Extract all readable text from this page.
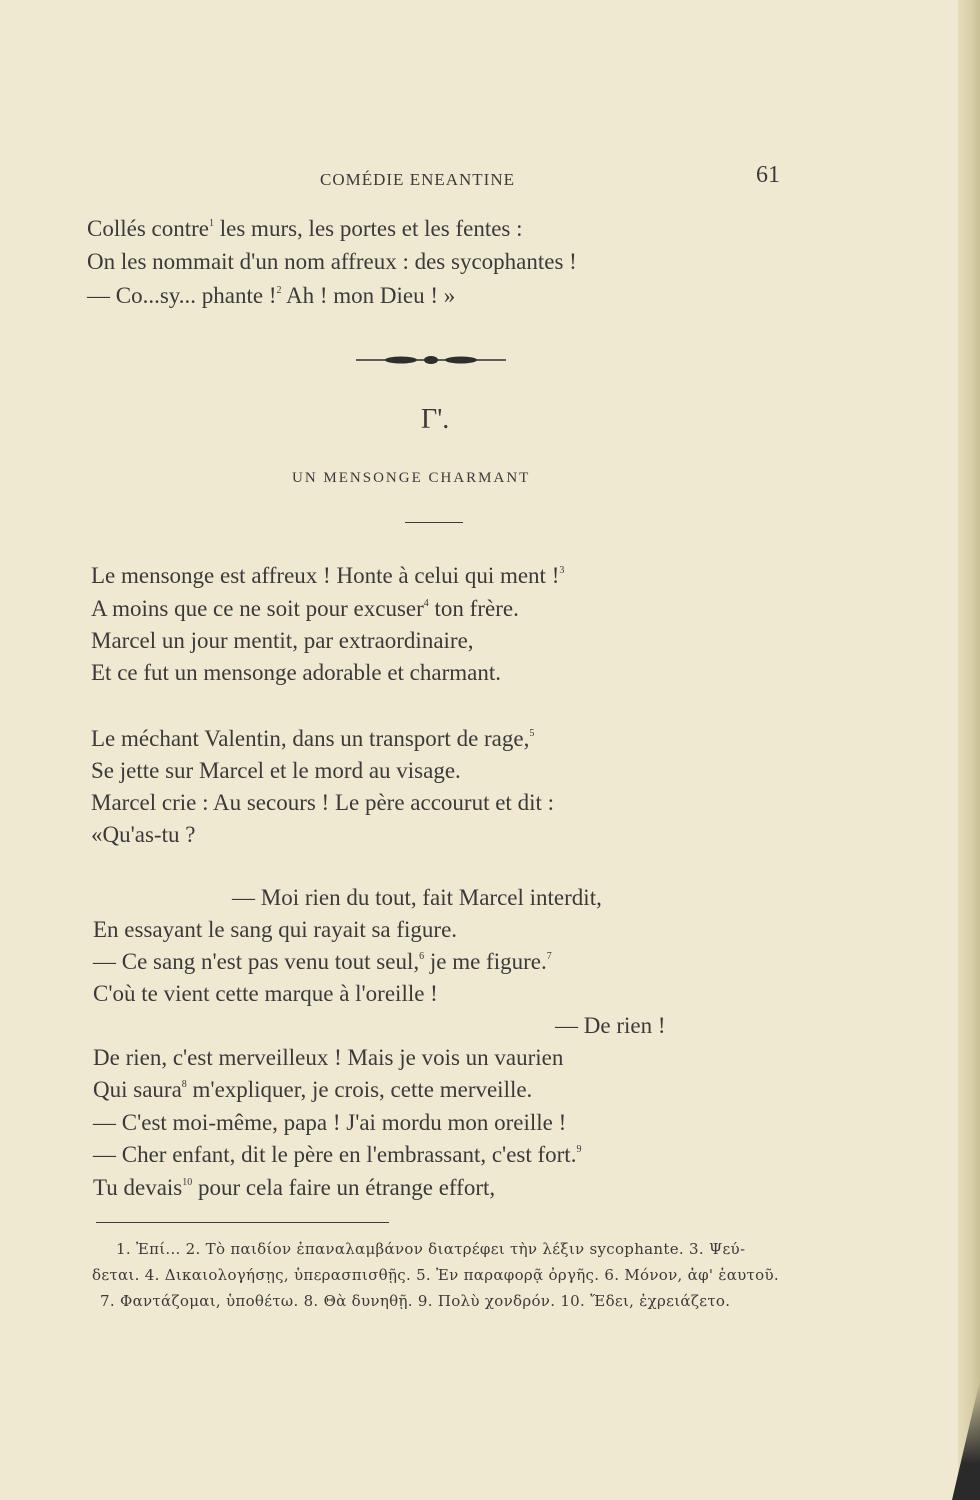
COMÉDIE ENEANTINE	61
Collés contre$^1$ les murs, les portes et les fentes :
On les nommait d'un nom affreux : des sycophantes !
— Co...sy... phante !$^2$ Ah ! mon Dieu ! »
Γ'.
UN MENSONGE CHARMANT
Le mensonge est affreux ! Honte à celui qui ment !$^3$
A moins que ce ne soit pour excuser$^4$ ton frère.
Marcel un jour mentit, par extraordinaire,
Et ce fut un mensonge adorable et charmant.
Le méchant Valentin, dans un transport de rage,$^5$
Se jette sur Marcel et le mord au visage.
Marcel crie : Au secours ! Le père accourut et dit :
«Qu'as-tu ?
— Moi rien du tout, fait Marcel interdit,
En essayant le sang qui rayait sa figure.
— Ce sang n'est pas venu tout seul,$^6$ je me figure.$^7$
C'où te vient cette marque à l'oreille !
— De rien !
De rien, c'est merveilleux ! Mais je vois un vaurien
Qui saura$^8$ m'expliquer, je crois, cette merveille.
— C'est moi-même, papa ! J'ai mordu mon oreille !
— Cher enfant, dit le père en l'embrassant, c'est fort.$^9$
Tu devais$^{10}$ pour cela faire un étrange effort,
1. Ἐπί... 2. Τὸ παιδίον ἐπαναλαμβάνον διατρέφει τὴν λέξιν sycophante. 3. Ψεύ-
δεται. 4. Δικαιολογήσῃς, ὑπερασπισθῇς. 5. Ἐν παραφορᾷ ὀργῆς. 6. Μόνον, ἀφ' ἑαυτοῦ.
7. Φαντάζομαι, ὑποθέτω. 8. Θὰ δυνηθῇ. 9. Πολὺ χονδρόν. 10. Ἔδει, ἐχρειάζετο.
